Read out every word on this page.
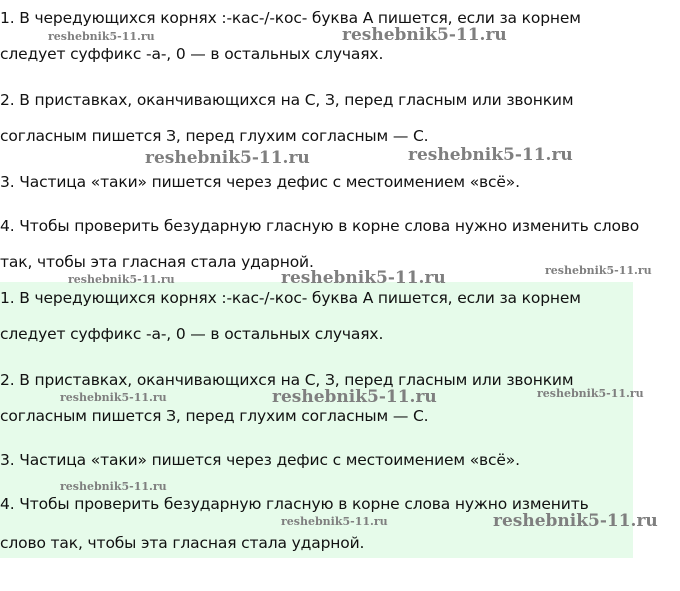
1. В чередующихся корнях :-кас-/-кос- буква А пишется, если за корнем
следует суффикс -а-, 0 — в остальных случаях.
2. В приставках, оканчивающихся на С, З, перед гласным или звонким
согласным пишется З, перед глухим согласным — С.
3. Частица «таки» пишется через дефис с местоимением «всё».
4. Чтобы проверить безударную гласную в корне слова нужно изменить слово
так, чтобы эта гласная стала ударной.
1. В чередующихся корнях :-кас-/-кос- буква А пишется, если за корнем
следует суффикс -а-, 0 — в остальных случаях.
2. В приставках, оканчивающихся на С, З, перед гласным или звонким
согласным пишется З, перед глухим согласным — С.
3. Частица «таки» пишется через дефис с местоимением «всё».
4. Чтобы проверить безударную гласную в корне слова нужно изменить
слово так, чтобы эта гласная стала ударной.
reshebnik5-11.ru	reshebnik5-11.ru
reshebnik5-11.ru	reshebnik5-11.ru
reshebnik5-11.ru	reshebnik5-11.ru	reshebnik5-11.ru
reshebnik5-11.ru	reshebnik5-11.ru	reshebnik5-11.ru
reshebnik5-11.ru
reshebnik5-11.ru	reshebnik5-11.ru
